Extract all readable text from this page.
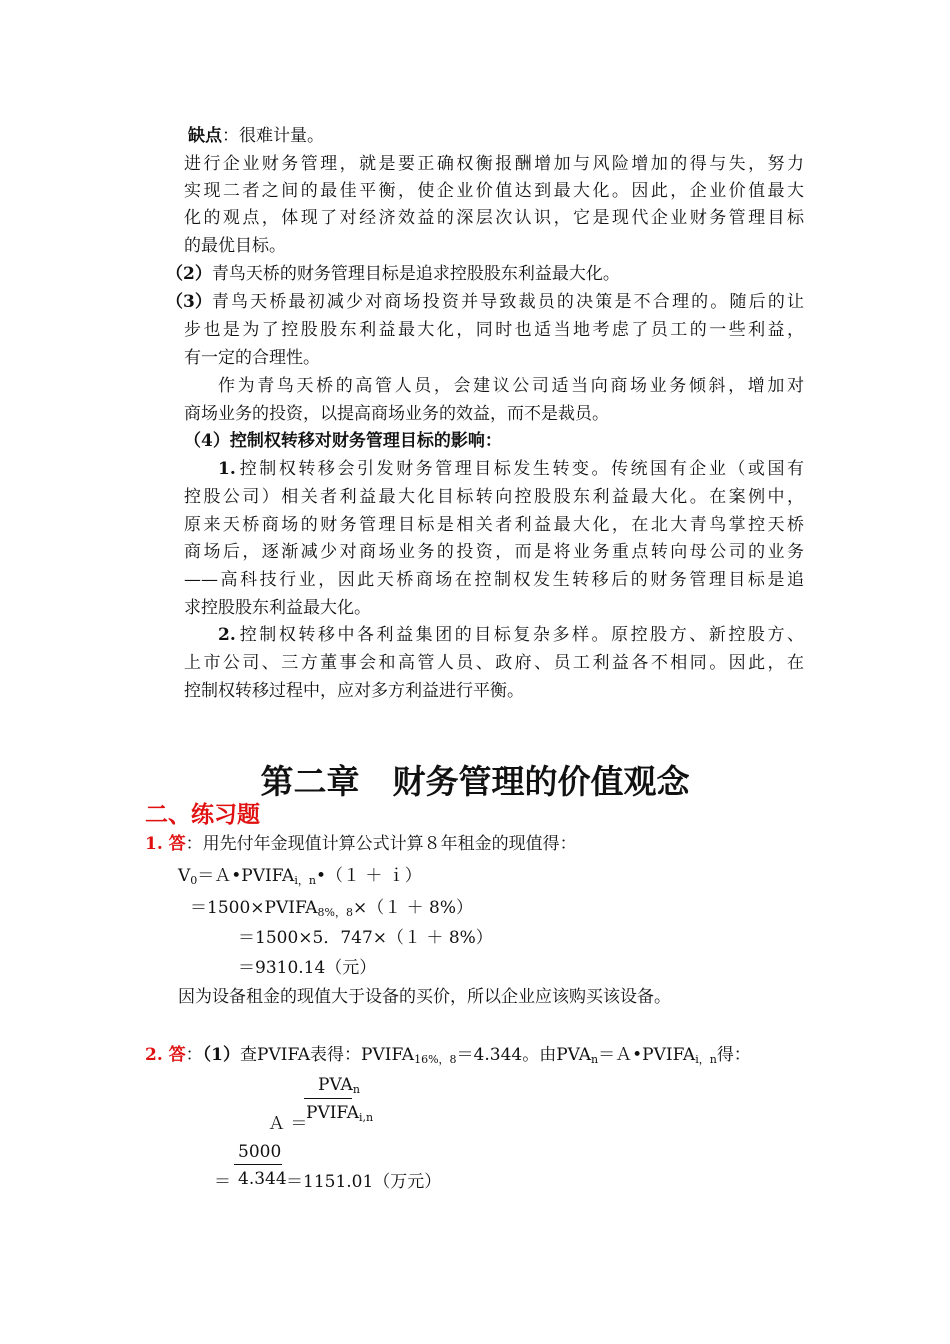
缺点：很难计量。
进行企业财务管理，就是要正确权衡报酬增加与风险增加的得与失，努力
实现二者之间的最佳平衡，使企业价值达到最大化。因此，企业价值最大
化的观点，体现了对经济效益的深层次认识，它是现代企业财务管理目标
的最优目标。
（2）青鸟天桥的财务管理目标是追求控股股东利益最大化。
（3） 青鸟天桥最初减少对商场投资并导致裁员的决策是不合理的。随后的让
步也是为了控股股东利益最大化，同时也适当地考虑了员工的一些利益，
有一定的合理性。
作为青鸟天桥的高管人员，会建议公司适当向商场业务倾斜，增加对
商场业务的投资，以提高商场业务的效益，而不是裁员。
（4）控制权转移对财务管理目标的影响：
1. 控制权转移会引发财务管理目标发生转变。传统国有企业（或国有
控股公司）相关者利益最大化目标转向控股股东利益最大化。在案例中，
原来天桥商场的财务管理目标是相关者利益最大化，在北大青鸟掌控天桥
商场后，逐渐减少对商场业务的投资，而是将业务重点转向母公司的业务
——高科技行业，因此天桥商场在控制权发生转移后的财务管理目标是追
求控股股东利益最大化。
2. 控制权转移中各利益集团的目标复杂多样。原控股方、新控股方、
上市公司、三方董事会和高管人员、政府、员工利益各不相同。因此，在
控制权转移过程中，应对多方利益进行平衡。
第二章　财务管理的价值观念
二、练习题
1. 答：用先付年金现值计算公式计算８年租金的现值得：
$V_0=A•PVIFA_{i,n}•(1$ ＋ ｉ）
$=1500\times PVIFA_{8\%,8}\times(1 + 8\%)$
＝1500×5．747×（１ ＋ 8%）
＝9310.14（元）
因为设备租金的现值大于设备的买价，所以企业应该购买该设备。
2. 答：（1）查PVIFA表得：$PVIFA_{16\%,8}=4.344$。由$PVA_n=A•PVIFA_{i,n}$得：
$PVA_n$
$PVIFA_{i,n}$
Ａ ＝
5000
4.344
＝	＝1151.01（万元）
